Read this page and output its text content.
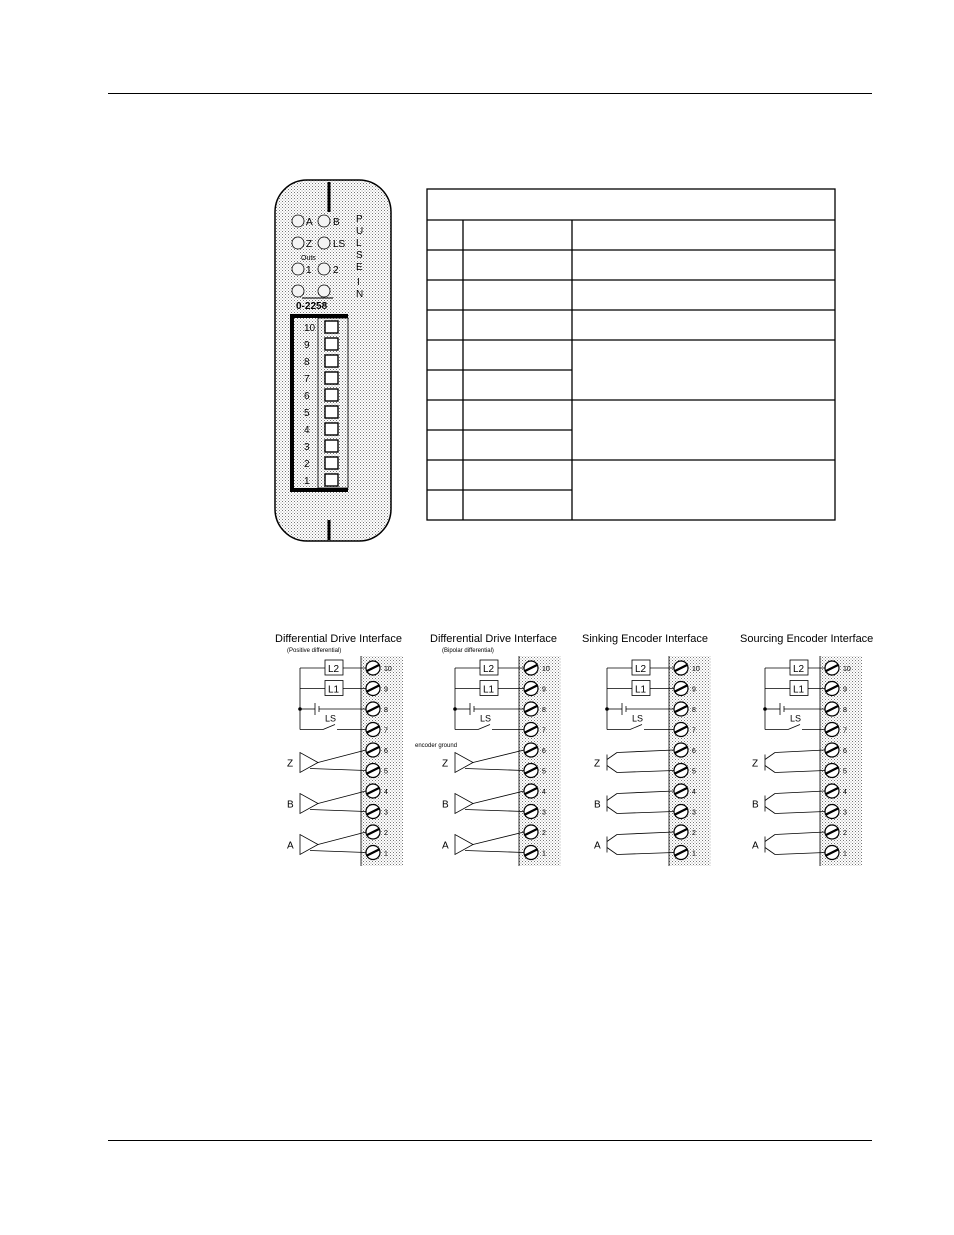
A B
Z LS
Outs
1 2
P
U
L
S
E
I
N
0-2258
10
9
8
7
6
5
4
3
2
1
Differential Drive Interface
(Positive differential)
10
9
8
7
6
5
4
3
2
1
L2
L1
LS
Z
B
A
Differential Drive Interface
(Bipolar differential)
10
9
8
7
6
5
4
3
2
1
L2
L1
LS
encoder ground
Z
B
A
Sinking Encoder Interface
10
9
8
7
6
5
4
3
2
1
L2
L1
LS
Z
B
A
Sourcing Encoder Interface
10
9
8
7
6
5
4
3
2
1
L2
L1
LS
Z
B
A
